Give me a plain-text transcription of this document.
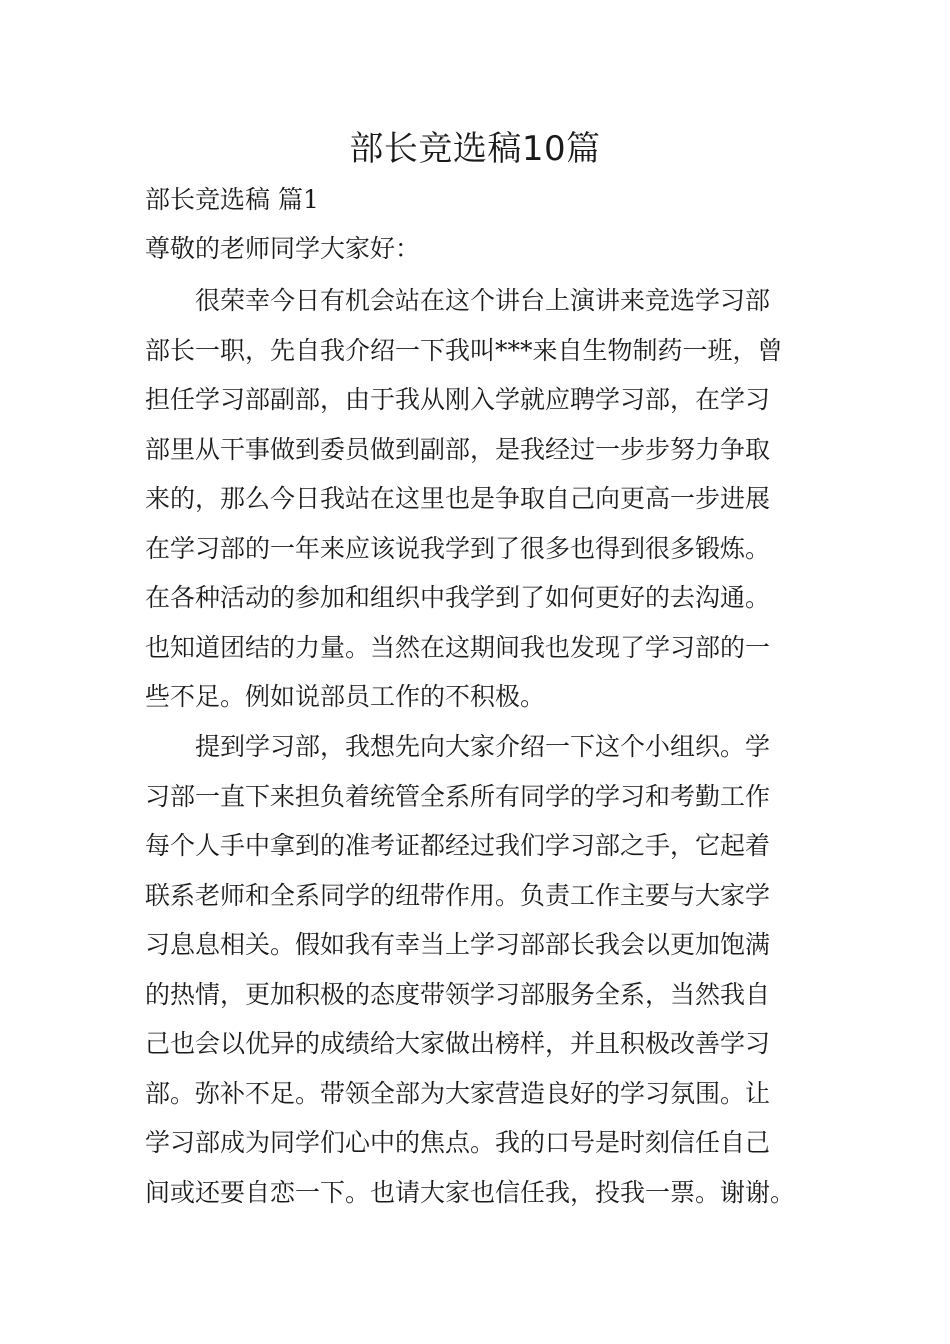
部长竞选稿10篇

部长竞选稿 篇1

尊敬的老师同学大家好：

很荣幸今日有机会站在这个讲台上演讲来竞选学习部
部长一职，先自我介绍一下我叫***来自生物制药一班，曾
担任学习部副部，由于我从刚入学就应聘学习部，在学习
部里从干事做到委员做到副部，是我经过一步步努力争取
来的，那么今日我站在这里也是争取自己向更高一步进展
在学习部的一年来应该说我学到了很多也得到很多锻炼。
在各种活动的参加和组织中我学到了如何更好的去沟通。
也知道团结的力量。当然在这期间我也发现了学习部的一
些不足。例如说部员工作的不积极。
提到学习部，我想先向大家介绍一下这个小组织。学
习部一直下来担负着统管全系所有同学的学习和考勤工作
每个人手中拿到的准考证都经过我们学习部之手，它起着
联系老师和全系同学的纽带作用。负责工作主要与大家学
习息息相关。假如我有幸当上学习部部长我会以更加饱满
的热情，更加积极的态度带领学习部服务全系，当然我自
己也会以优异的成绩给大家做出榜样，并且积极改善学习
部。弥补不足。带领全部为大家营造良好的学习氛围。让
学习部成为同学们心中的焦点。我的口号是时刻信任自己
间或还要自恋一下。也请大家也信任我，投我一票。谢谢。
